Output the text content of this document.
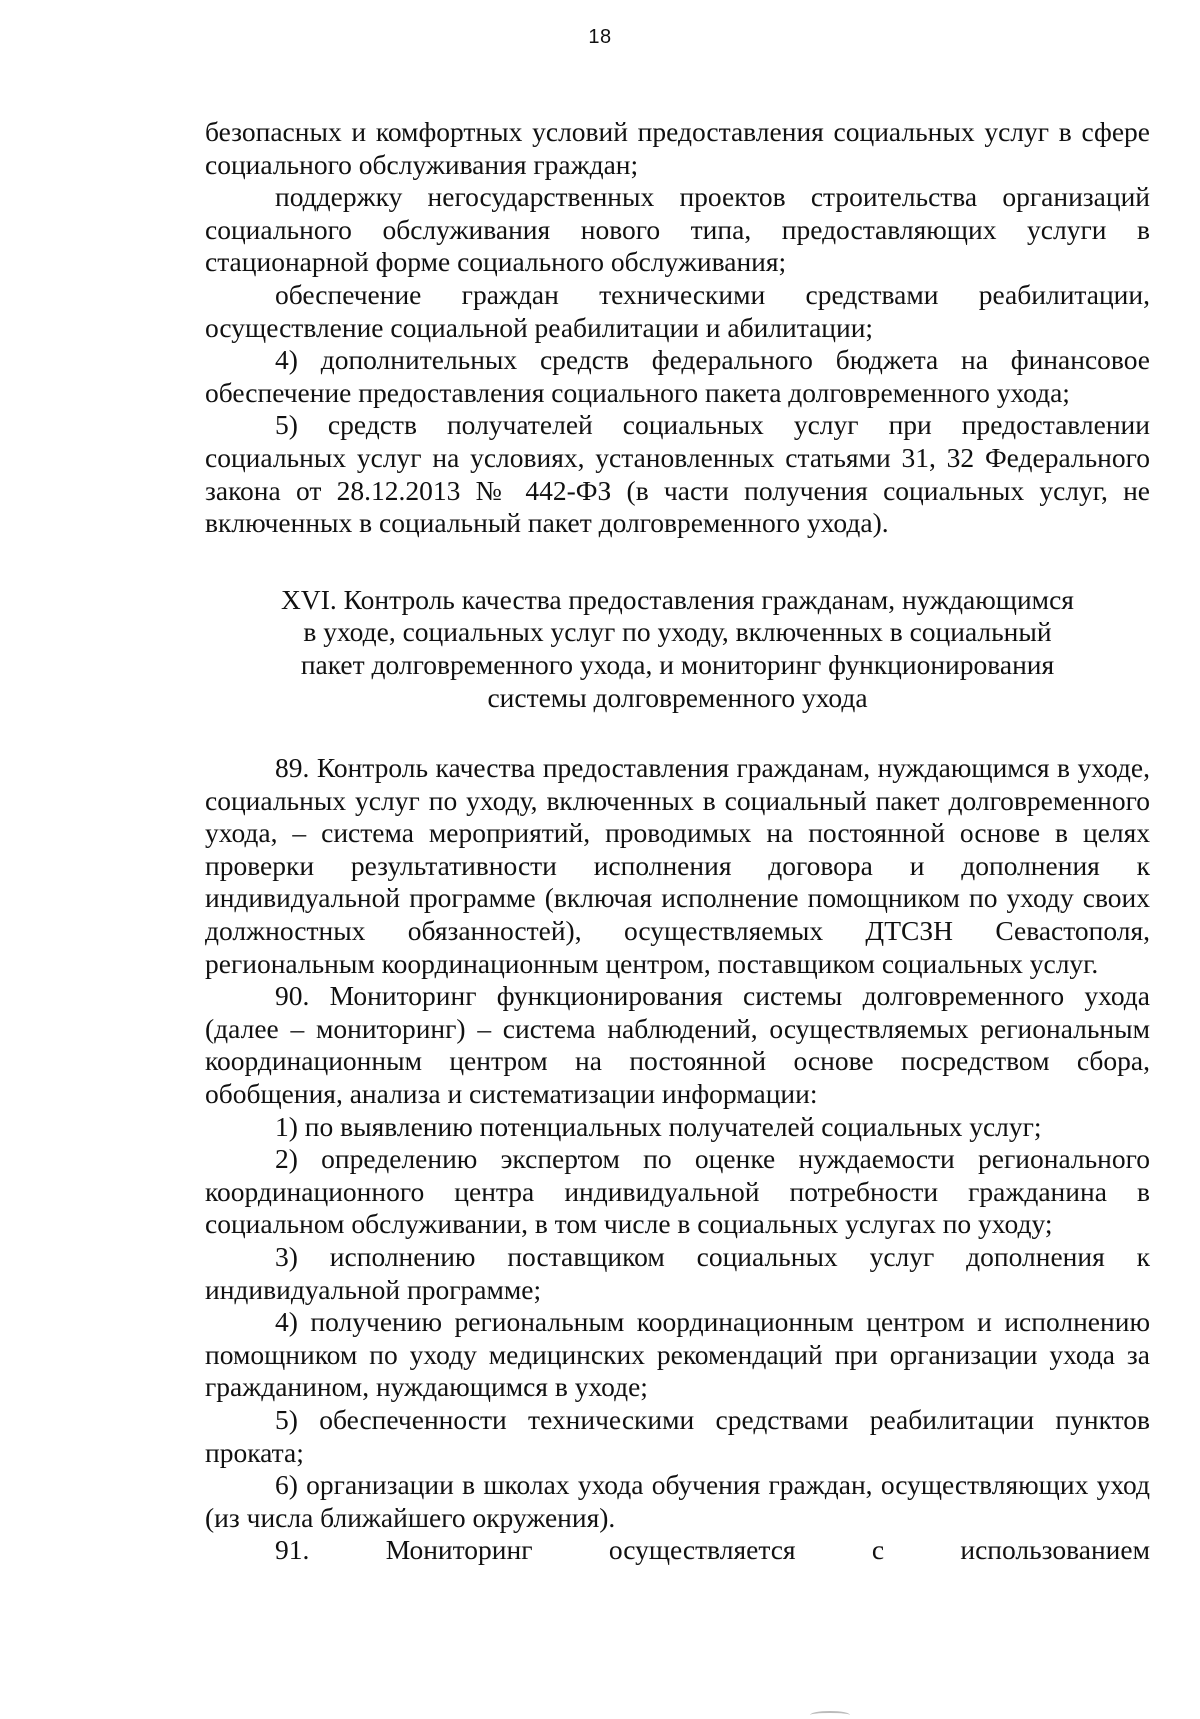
18

безопасных и комфортных условий предоставления социальных услуг в сфере социального обслуживания граждан;

поддержку негосударственных проектов строительства организаций социального обслуживания нового типа, предоставляющих услуги в стационарной форме социального обслуживания;

обеспечение граждан техническими средствами реабилитации, осуществление социальной реабилитации и абилитации;

4) дополнительных средств федерального бюджета на финансовое обеспечение предоставления социального пакета долговременного ухода;

5) средств получателей социальных услуг при предоставлении социальных услуг на условиях, установленных статьями 31, 32 Федерального закона от 28.12.2013 № 442-ФЗ (в части получения социальных услуг, не включенных в социальный пакет долговременного ухода).

XVI. Контроль качества предоставления гражданам, нуждающимся
в уходе, социальных услуг по уходу, включенных в социальный
пакет долговременного ухода, и мониторинг функционирования
системы долговременного ухода

89. Контроль качества предоставления гражданам, нуждающимся в уходе, социальных услуг по уходу, включенных в социальный пакет долговременного ухода, – система мероприятий, проводимых на постоянной основе в целях проверки результативности исполнения договора и дополнения к индивидуальной программе (включая исполнение помощником по уходу своих должностных обязанностей), осуществляемых ДТСЗН Севастополя, региональным координационным центром, поставщиком социальных услуг.

90. Мониторинг функционирования системы долговременного ухода (далее – мониторинг) – система наблюдений, осуществляемых региональным координационным центром на постоянной основе посредством сбора, обобщения, анализа и систематизации информации:

1) по выявлению потенциальных получателей социальных услуг;

2) определению экспертом по оценке нуждаемости регионального координационного центра индивидуальной потребности гражданина в социальном обслуживании, в том числе в социальных услугах по уходу;

3) исполнению поставщиком социальных услуг дополнения к индивидуальной программе;

4) получению региональным координационным центром и исполнению помощником по уходу медицинских рекомендаций при организации ухода за гражданином, нуждающимся в уходе;

5) обеспеченности техническими средствами реабилитации пунктов проката;

6) организации в школах ухода обучения граждан, осуществляющих уход (из числа ближайшего окружения).

91. Мониторинг осуществляется с использованием
